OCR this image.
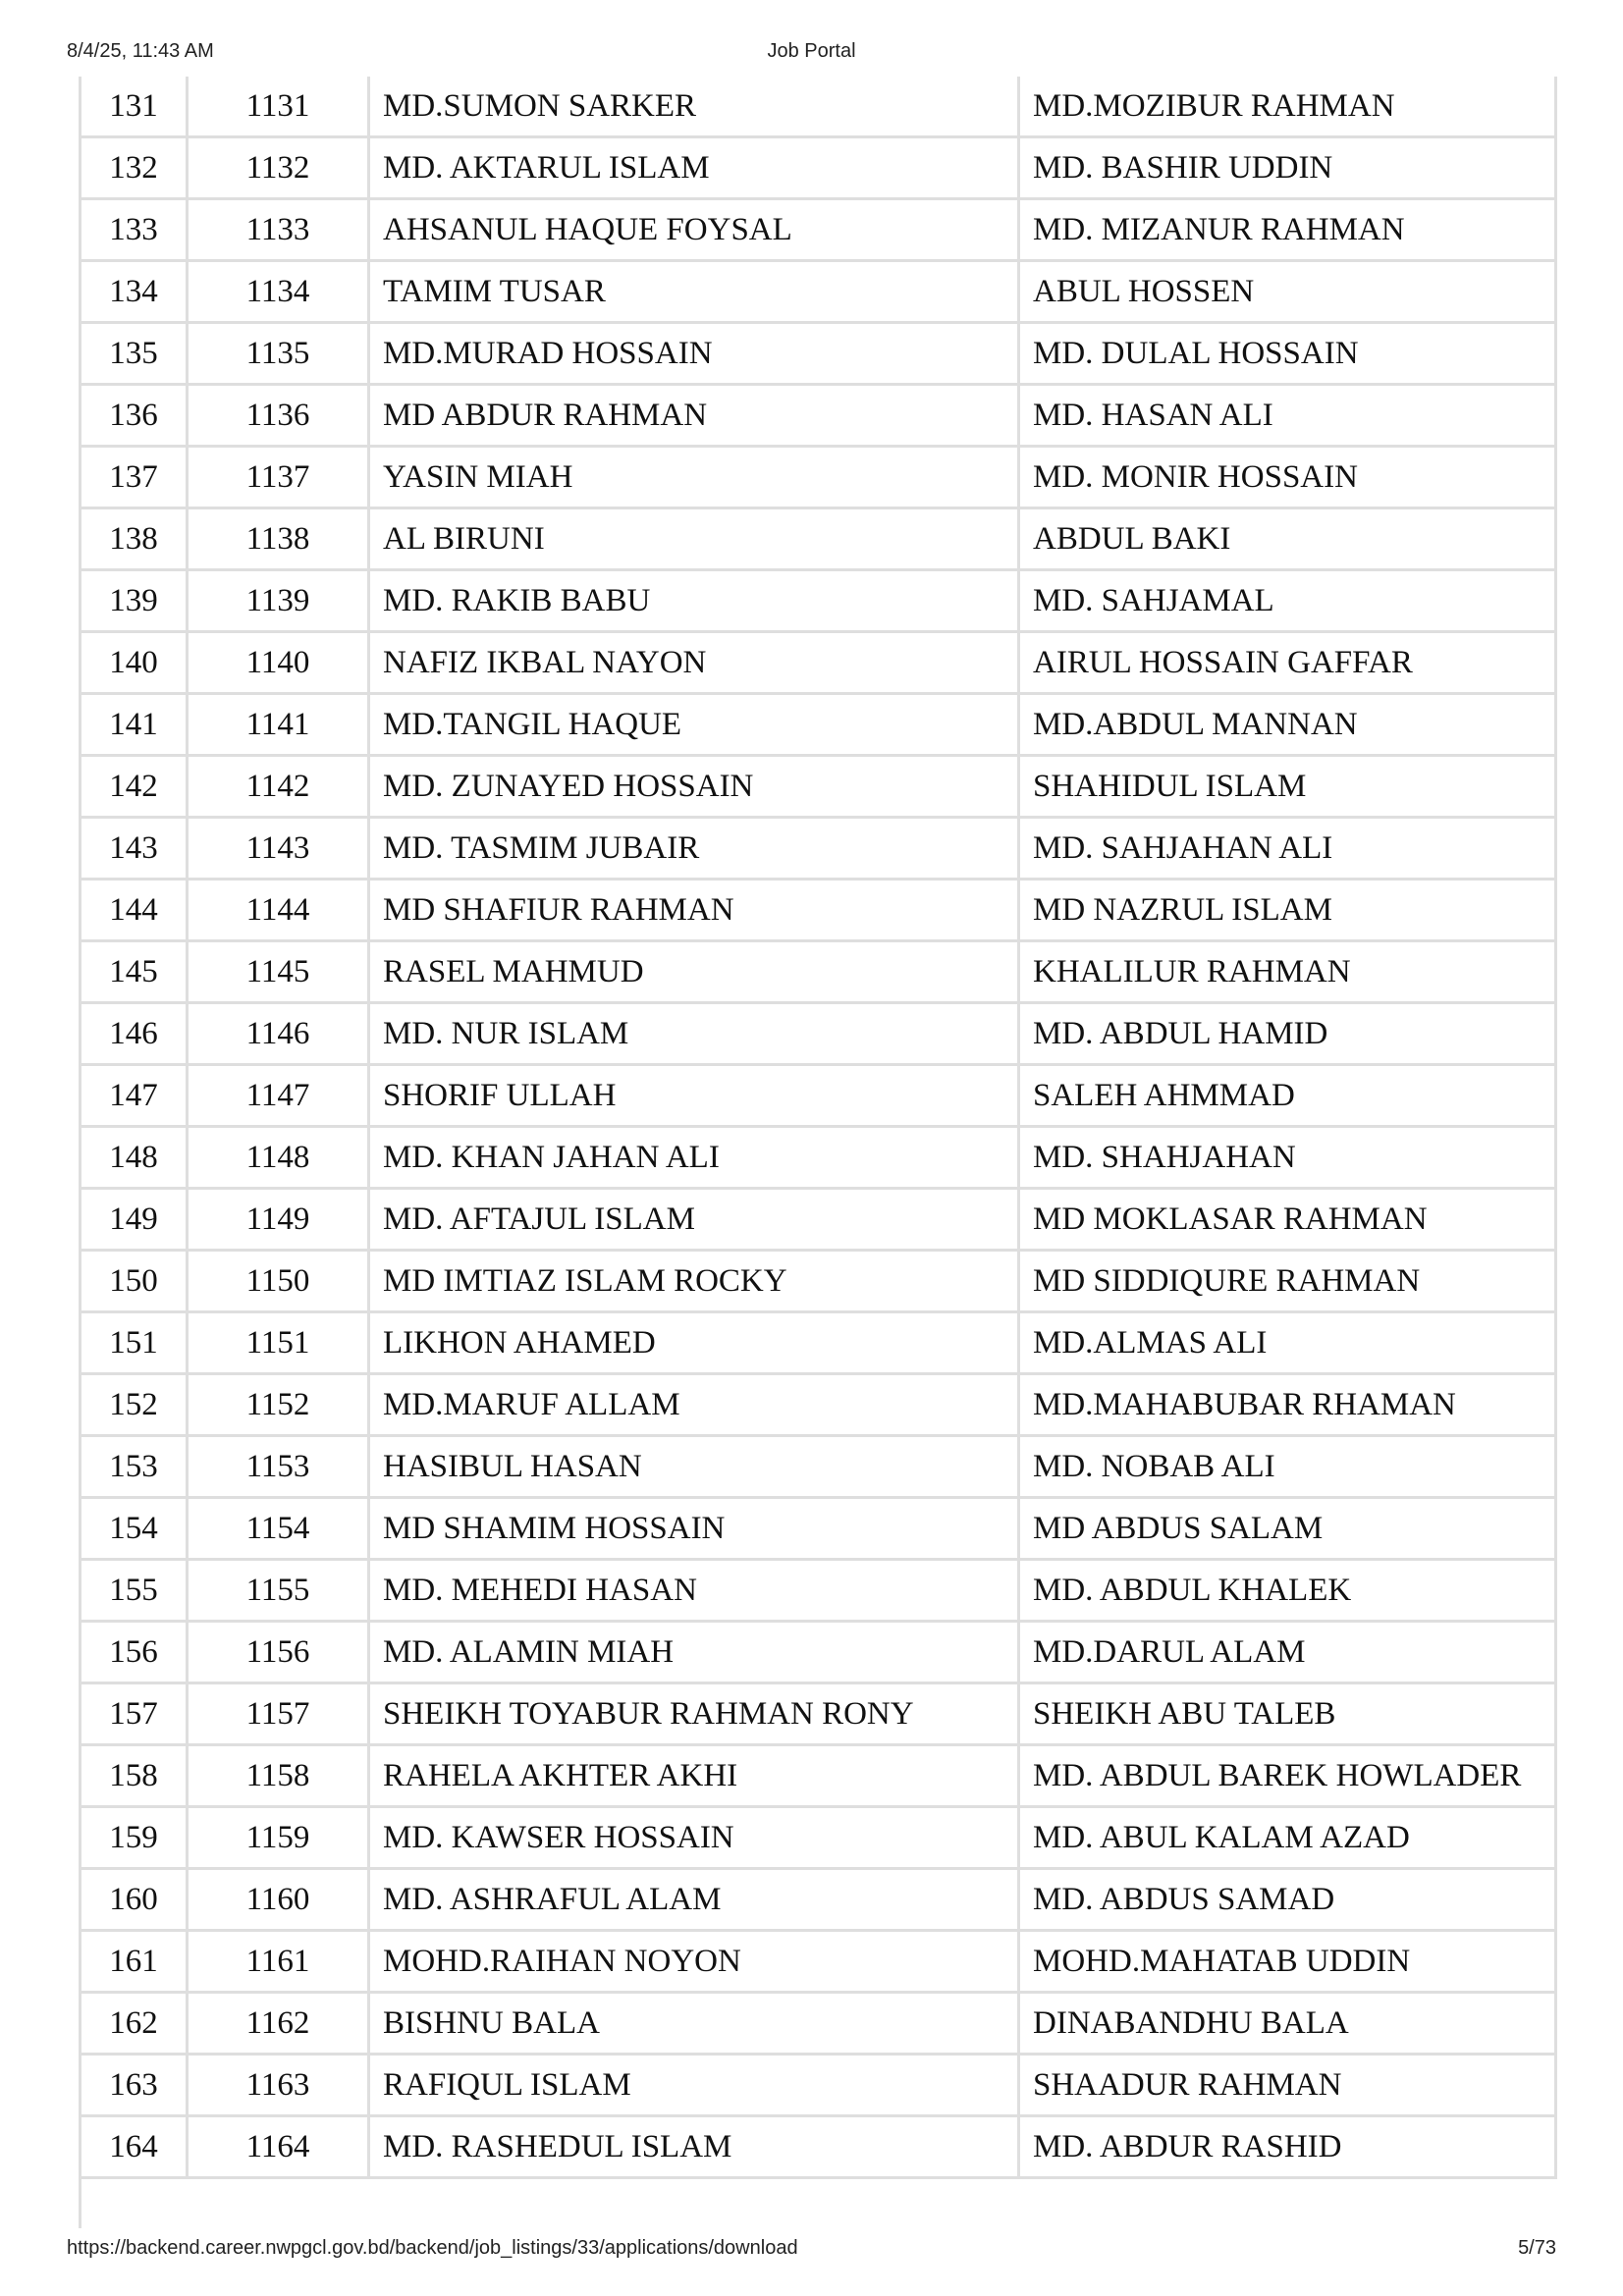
8/4/25, 11:43 AM	Job Portal
131	1131	MD.SUMON SARKER	MD.MOZIBUR RAHMAN
132	1132	MD. AKTARUL ISLAM	MD. BASHIR UDDIN
133	1133	AHSANUL HAQUE FOYSAL	MD. MIZANUR RAHMAN
134	1134	TAMIM TUSAR	ABUL HOSSEN
135	1135	MD.MURAD HOSSAIN	MD. DULAL HOSSAIN
136	1136	MD ABDUR RAHMAN	MD. HASAN ALI
137	1137	YASIN MIAH	MD. MONIR HOSSAIN
138	1138	AL BIRUNI	ABDUL BAKI
139	1139	MD. RAKIB BABU	MD. SAHJAMAL
140	1140	NAFIZ IKBAL NAYON	AIRUL HOSSAIN GAFFAR
141	1141	MD.TANGIL HAQUE	MD.ABDUL MANNAN
142	1142	MD. ZUNAYED HOSSAIN	SHAHIDUL ISLAM
143	1143	MD. TASMIM JUBAIR	MD. SAHJAHAN ALI
144	1144	MD SHAFIUR RAHMAN	MD NAZRUL ISLAM
145	1145	RASEL MAHMUD	KHALILUR RAHMAN
146	1146	MD. NUR ISLAM	MD. ABDUL HAMID
147	1147	SHORIF ULLAH	SALEH AHMMAD
148	1148	MD. KHAN JAHAN ALI	MD. SHAHJAHAN
149	1149	MD. AFTAJUL ISLAM	MD MOKLASAR RAHMAN
150	1150	MD IMTIAZ ISLAM ROCKY	MD SIDDIQURE RAHMAN
151	1151	LIKHON AHAMED	MD.ALMAS ALI
152	1152	MD.MARUF ALLAM	MD.MAHABUBAR RHAMAN
153	1153	HASIBUL HASAN	MD. NOBAB ALI
154	1154	MD SHAMIM HOSSAIN	MD ABDUS SALAM
155	1155	MD. MEHEDI HASAN	MD. ABDUL KHALEK
156	1156	MD. ALAMIN MIAH	MD.DARUL ALAM
157	1157	SHEIKH TOYABUR RAHMAN RONY	SHEIKH ABU TALEB
158	1158	RAHELA AKHTER AKHI	MD. ABDUL BAREK HOWLADER
159	1159	MD. KAWSER HOSSAIN	MD. ABUL KALAM AZAD
160	1160	MD. ASHRAFUL ALAM	MD. ABDUS SAMAD
161	1161	MOHD.RAIHAN NOYON	MOHD.MAHATAB UDDIN
162	1162	BISHNU BALA	DINABANDHU BALA
163	1163	RAFIQUL ISLAM	SHAADUR RAHMAN
164	1164	MD. RASHEDUL ISLAM	MD. ABDUR RASHID
https://backend.career.nwpgcl.gov.bd/backend/job_listings/33/applications/download	5/73
